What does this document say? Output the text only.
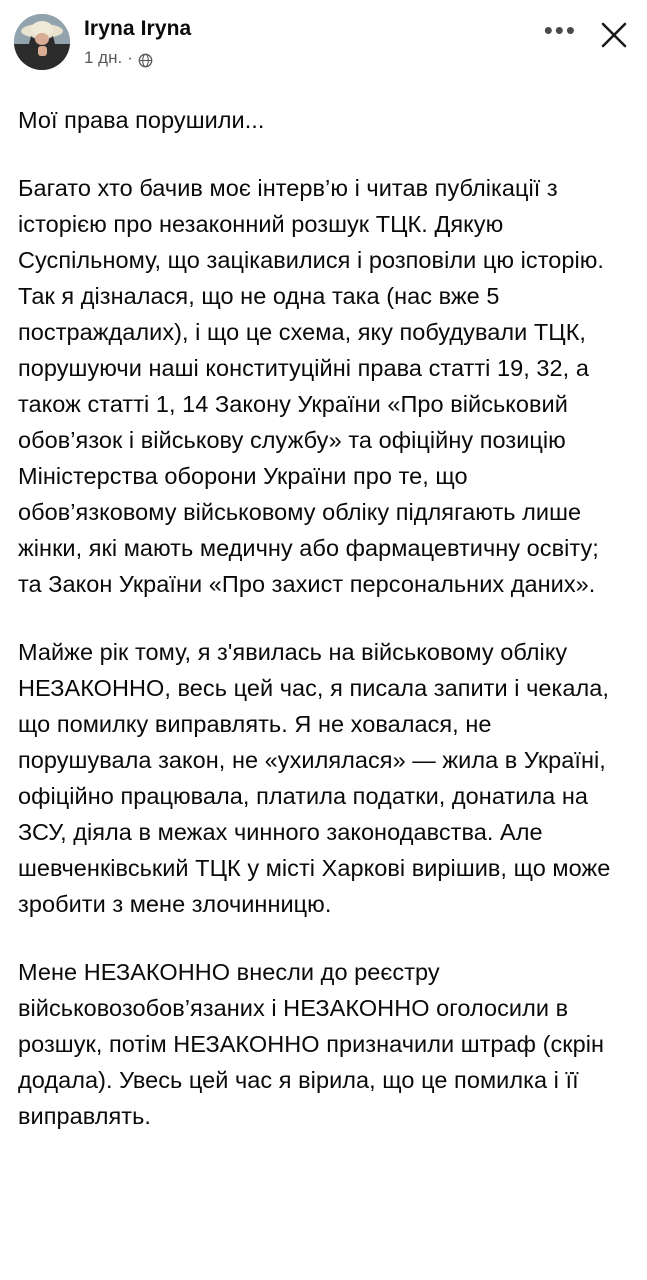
Iryna Iryna
1 дн. ·
•••

Мої права порушили...

Багато хто бачив моє інтерв’ю і читав публікації з історією про незаконний розшук ТЦК. Дякую Суспільному, що зацікавилися і розповіли цю історію. Так я дізналася, що не одна така (нас вже 5 постраждалих), і що це схема, яку побудували ТЦК, порушуючи наші конституційні права статті 19, 32, а також статті 1, 14 Закону України «Про військовий обов’язок і військову службу» та офіційну позицію Міністерства оборони України про те, що обов’язковому військовому обліку підлягають лише жінки, які мають медичну або фармацевтичну освіту; та Закон України «Про захист персональних даних».

Майже рік тому, я з'явилась на військовому обліку НЕЗАКОННО, весь цей час, я писала запити і чекала, що помилку виправлять. Я не ховалася, не порушувала закон, не «ухилялася» — жила в Україні, офіційно працювала, платила податки, донатила на ЗСУ, діяла в межах чинного законодавства. Але шевченківський ТЦК у місті Харкові вирішив, що може зробити з мене злочинницю.

Мене НЕЗАКОННО внесли до реєстру військовозобов’язаних і НЕЗАКОННО оголосили в розшук, потім НЕЗАКОННО призначили штраф (скрін додала). Увесь цей час я вірила, що це помилка і її виправлять.
